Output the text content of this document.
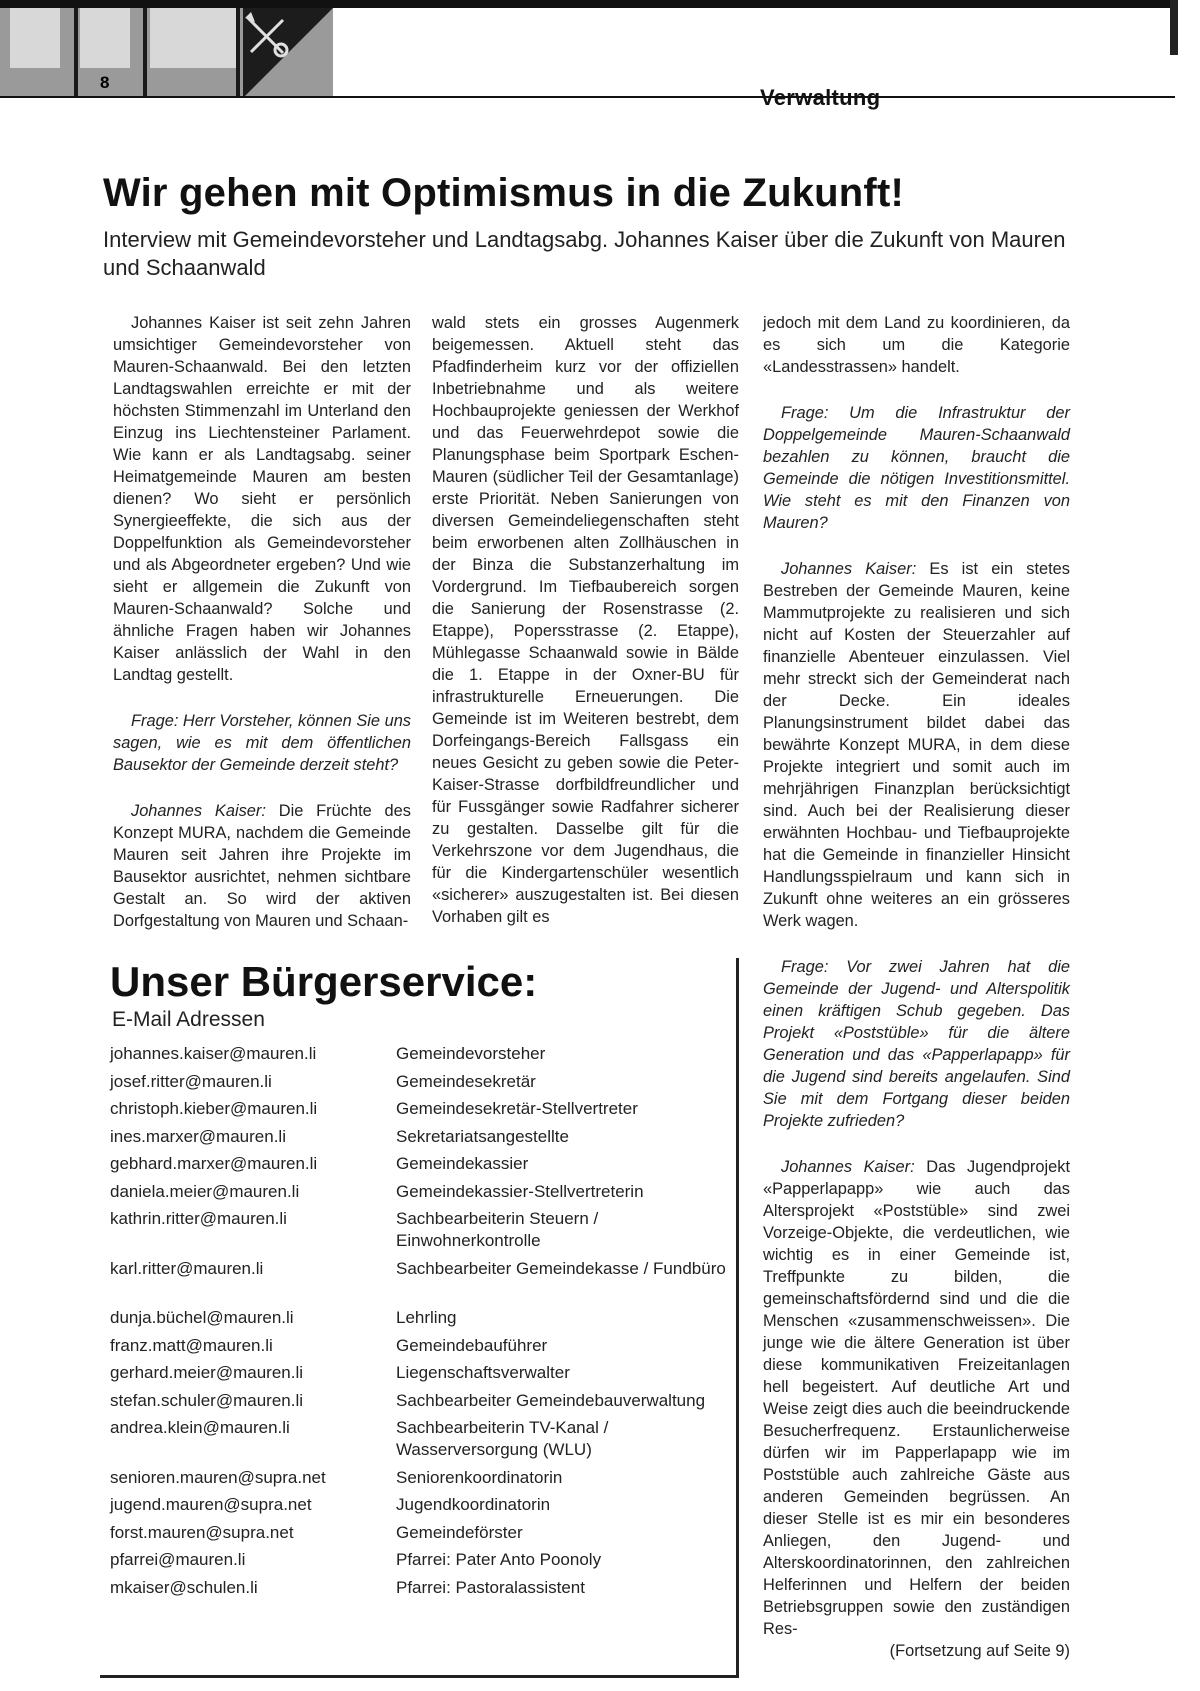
8
Verwaltung
Wir gehen mit Optimismus in die Zukunft!
Interview mit Gemeindevorsteher und Landtagsabg. Johannes Kaiser über die Zukunft von Mauren und Schaanwald

Johannes Kaiser ist seit zehn Jahren umsichtiger Gemeindevorsteher von Mauren-Schaanwald. Bei den letzten Landtagswahlen erreichte er mit der höchsten Stimmenzahl im Unterland den Einzug ins Liechtensteiner Parlament. Wie kann er als Landtagsabg. seiner Heimatgemeinde Mauren am besten dienen? Wo sieht er persönlich Synergieeffekte, die sich aus der Doppelfunktion als Gemeindevorsteher und als Abgeordneter ergeben? Und wie sieht er allgemein die Zukunft von Mauren-Schaanwald? Solche und ähnliche Fragen haben wir Johannes Kaiser anlässlich der Wahl in den Landtag gestellt.

Frage: Herr Vorsteher, können Sie uns sagen, wie es mit dem öffentlichen Bausektor der Gemeinde derzeit steht?

Johannes Kaiser: Die Früchte des Konzept MURA, nachdem die Gemeinde Mauren seit Jahren ihre Projekte im Bausektor ausrichtet, nehmen sichtbare Gestalt an. So wird der aktiven Dorfgestaltung von Mauren und Schaan-

wald stets ein grosses Augenmerk beigemessen. Aktuell steht das Pfadfinderheim kurz vor der offiziellen Inbetriebnahme und als weitere Hochbauprojekte geniessen der Werkhof und das Feuerwehrdepot sowie die Planungsphase beim Sportpark Eschen-Mauren (südlicher Teil der Gesamtanlage) erste Priorität. Neben Sanierungen von diversen Gemeindeliegenschaften steht beim erworbenen alten Zollhäuschen in der Binza die Substanzerhaltung im Vordergrund. Im Tiefbaubereich sorgen die Sanierung der Rosenstrasse (2. Etappe), Popersstrasse (2. Etappe), Mühlegasse Schaanwald sowie in Bälde die 1. Etappe in der Oxner-BU für infrastrukturelle Erneuerungen. Die Gemeinde ist im Weiteren bestrebt, dem Dorfeingangs-Bereich Fallsgass ein neues Gesicht zu geben sowie die Peter-Kaiser-Strasse dorfbildfreundlicher und für Fussgänger sowie Radfahrer sicherer zu gestalten. Dasselbe gilt für die Verkehrszone vor dem Jugendhaus, die für die Kindergartenschüler wesentlich «sicherer» auszugestalten ist. Bei diesen Vorhaben gilt es

jedoch mit dem Land zu koordinieren, da es sich um die Kategorie «Landesstrassen» handelt.

Frage: Um die Infrastruktur der Doppelgemeinde Mauren-Schaanwald bezahlen zu können, braucht die Gemeinde die nötigen Investitionsmittel. Wie steht es mit den Finanzen von Mauren?

Johannes Kaiser: Es ist ein stetes Bestreben der Gemeinde Mauren, keine Mammutprojekte zu realisieren und sich nicht auf Kosten der Steuerzahler auf finanzielle Abenteuer einzulassen. Viel mehr streckt sich der Gemeinderat nach der Decke. Ein ideales Planungsinstrument bildet dabei das bewährte Konzept MURA, in dem diese Projekte integriert und somit auch im mehrjährigen Finanzplan berücksichtigt sind. Auch bei der Realisierung dieser erwähnten Hochbau- und Tiefbauprojekte hat die Gemeinde in finanzieller Hinsicht Handlungsspielraum und kann sich in Zukunft ohne weiteres an ein grösseres Werk wagen.

Frage: Vor zwei Jahren hat die Gemeinde der Jugend- und Alterspolitik einen kräftigen Schub gegeben. Das Projekt «Poststüble» für die ältere Generation und das «Papperlapapp» für die Jugend sind bereits angelaufen. Sind Sie mit dem Fortgang dieser beiden Projekte zufrieden?

Johannes Kaiser: Das Jugendprojekt «Papperlapapp» wie auch das Altersprojekt «Poststüble» sind zwei Vorzeige-Objekte, die verdeutlichen, wie wichtig es in einer Gemeinde ist, Treffpunkte zu bilden, die gemeinschaftsfördernd sind und die die Menschen «zusammenschweissen». Die junge wie die ältere Generation ist über diese kommunikativen Freizeitanlagen hell begeistert. Auf deutliche Art und Weise zeigt dies auch die beeindruckende Besucherfrequenz. Erstaunlicherweise dürfen wir im Papperlapapp wie im Poststüble auch zahlreiche Gäste aus anderen Gemeinden begrüssen. An dieser Stelle ist es mir ein besonderes Anliegen, den Jugend- und Alterskoordinatorinnen, den zahlreichen Helferinnen und Helfern der beiden Betriebsgruppen sowie den zuständigen Res-

(Fortsetzung auf Seite 9)

Unser Bürgerservice:
E-Mail Adressen
johannes.kaiser@mauren.li	Gemeindevorsteher
josef.ritter@mauren.li	Gemeindesekretär
christoph.kieber@mauren.li	Gemeindesekretär-Stellvertreter
ines.marxer@mauren.li	Sekretariatsangestellte
gebhard.marxer@mauren.li	Gemeindekassier
daniela.meier@mauren.li	Gemeindekassier-Stellvertreterin
kathrin.ritter@mauren.li	Sachbearbeiterin Steuern / Einwohnerkontrolle
karl.ritter@mauren.li	Sachbearbeiter Gemeindekasse / Fundbüro
dunja.büchel@mauren.li	Lehrling
franz.matt@mauren.li	Gemeindebauführer
gerhard.meier@mauren.li	Liegenschaftsverwalter
stefan.schuler@mauren.li	Sachbearbeiter Gemeindebauverwaltung
andrea.klein@mauren.li	Sachbearbeiterin TV-Kanal / Wasserversorgung (WLU)
senioren.mauren@supra.net	Seniorenkoordinatorin
jugend.mauren@supra.net	Jugendkoordinatorin
forst.mauren@supra.net	Gemeindeförster
pfarrei@mauren.li	Pfarrei: Pater Anto Poonoly
mkaiser@schulen.li	Pfarrei: Pastoralassistent
